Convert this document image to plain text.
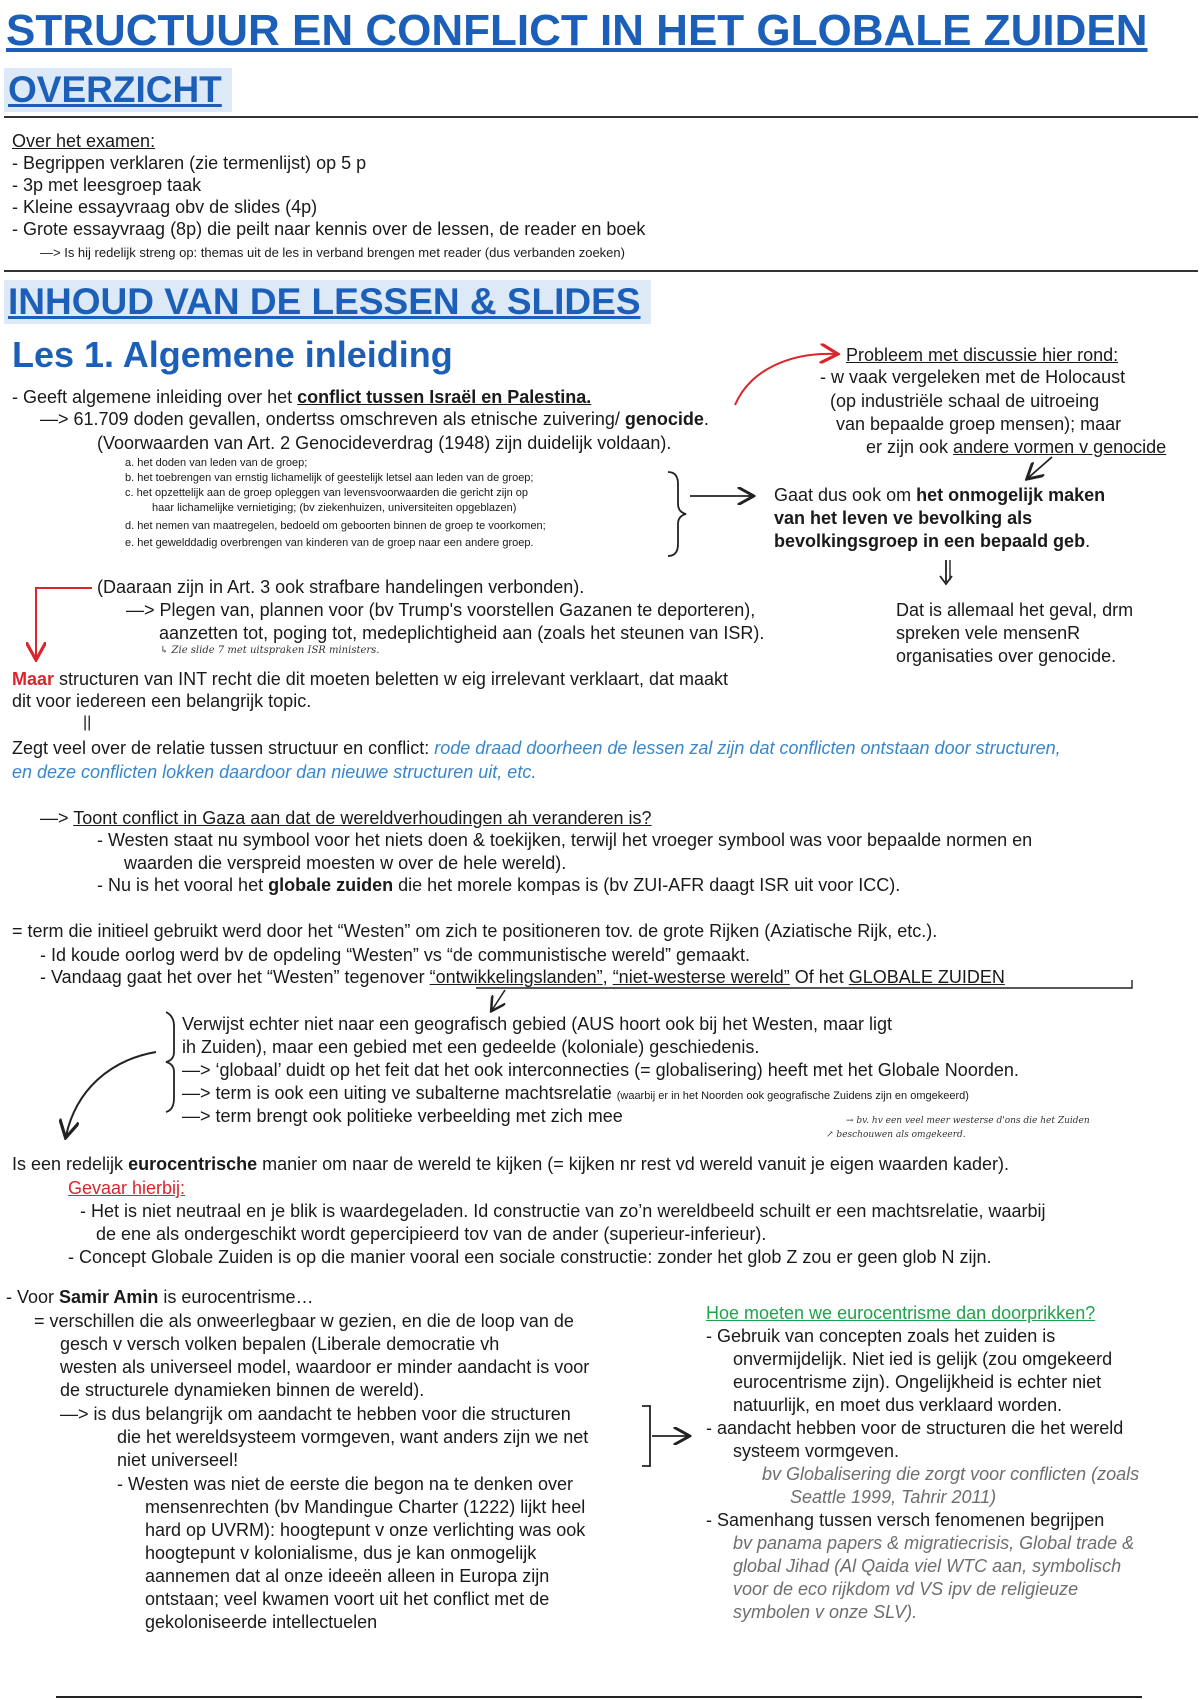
STRUCTUUR EN CONFLICT IN HET GLOBALE ZUIDEN
OVERZICHT
Over het examen:
- Begrippen verklaren (zie termenlijst) op 5 p
- 3p met leesgroep taak
- Kleine essayvraag obv de slides (4p)
- Grote essayvraag (8p) die peilt naar kennis over de lessen, de reader en boek
—> Is hij redelijk streng op: themas uit de les in verband brengen met reader (dus verbanden zoeken)
INHOUD VAN DE LESSEN & SLIDES
Les 1. Algemene inleiding
- Geeft algemene inleiding over het conflict tussen Israël en Palestina.
—> 61.709 doden gevallen, ondertss omschreven als etnische zuivering/ genocide.
(Voorwaarden van Art. 2 Genocideverdrag (1948) zijn duidelijk voldaan).
a. het doden van leden van de groep;
b. het toebrengen van ernstig lichamelijk of geestelijk letsel aan leden van de groep;
c. het opzettelijk aan de groep opleggen van levensvoorwaarden die gericht zijn op
haar lichamelijke vernietiging; (bv ziekenhuizen, universiteiten opgeblazen)
d. het nemen van maatregelen, bedoeld om geboorten binnen de groep te voorkomen;
e. het gewelddadig overbrengen van kinderen van de groep naar een andere groep.
Probleem met discussie hier rond:
- w vaak vergeleken met de Holocaust
(op industriële schaal de uitroeing
van bepaalde groep mensen); maar
er zijn ook andere vormen v genocide
Gaat dus ook om het onmogelijk maken
van het leven ve bevolking als
bevolkingsgroep in een bepaald geb.
Dat is allemaal het geval, drm
spreken vele mensenR
organisaties over genocide.
(Daaraan zijn in Art. 3 ook strafbare handelingen verbonden).
—> Plegen van, plannen voor (bv Trump's voorstellen Gazanen te deporteren),
aanzetten tot, poging tot, medeplichtigheid aan (zoals het steunen van ISR).
↳ Zie slide 7 met uitspraken ISR ministers.
Maar structuren van INT recht die dit moeten beletten w eig irrelevant verklaart, dat maakt
dit voor iedereen een belangrijk topic.
||
Zegt veel over de relatie tussen structuur en conflict: rode draad doorheen de lessen zal zijn dat conflicten ontstaan door structuren,
en deze conflicten lokken daardoor dan nieuwe structuren uit, etc.
—> Toont conflict in Gaza aan dat de wereldverhoudingen ah veranderen is?
- Westen staat nu symbool voor het niets doen & toekijken, terwijl het vroeger symbool was voor bepaalde normen en
waarden die verspreid moesten w over de hele wereld).
- Nu is het vooral het globale zuiden die het morele kompas is (bv ZUI-AFR daagt ISR uit voor ICC).
= term die initieel gebruikt werd door het “Westen” om zich te positioneren tov. de grote Rijken (Aziatische Rijk, etc.).
- Id koude oorlog werd bv de opdeling “Westen” vs “de communistische wereld” gemaakt.
- Vandaag gaat het over het “Westen” tegenover “ontwikkelingslanden”, “niet-westerse wereld” Of het GLOBALE ZUIDEN
Verwijst echter niet naar een geografisch gebied (AUS hoort ook bij het Westen, maar ligt
ih Zuiden), maar een gebied met een gedeelde (koloniale) geschiedenis.
—> ‘globaal’ duidt op het feit dat het ook interconnecties (= globalisering) heeft met het Globale Noorden.
—> term is ook een uiting ve subalterne machtsrelatie (waarbij er in het Noorden ook geografische Zuidens zijn en omgekeerd)
—> term brengt ook politieke verbeelding met zich mee	→ bv. hv een veel meer westerse d'ons die het Zuiden
↗ beschouwen als omgekeerd.
Is een redelijk eurocentrische manier om naar de wereld te kijken (= kijken nr rest vd wereld vanuit je eigen waarden kader).
Gevaar hierbij:
- Het is niet neutraal en je blik is waardegeladen. Id constructie van zo’n wereldbeeld schuilt er een machtsrelatie, waarbij
de ene als ondergeschikt wordt gepercipieerd tov van de ander (superieur-inferieur).
- Concept Globale Zuiden is op die manier vooral een sociale constructie: zonder het glob Z zou er geen glob N zijn.
- Voor Samir Amin is eurocentrisme…
= verschillen die als onweerlegbaar w gezien, en die de loop van de
gesch v versch volken bepalen (Liberale democratie vh
westen als universeel model, waardoor er minder aandacht is voor
de structurele dynamieken binnen de wereld).
—> is dus belangrijk om aandacht te hebben voor die structuren
die het wereldsysteem vormgeven, want anders zijn we net
niet universeel!
- Westen was niet de eerste die begon na te denken over
mensenrechten (bv Mandingue Charter (1222) lijkt heel
hard op UVRM): hoogtepunt v onze verlichting was ook
hoogtepunt v kolonialisme, dus je kan onmogelijk
aannemen dat al onze ideeën alleen in Europa zijn
ontstaan; veel kwamen voort uit het conflict met de
gekoloniseerde intellectuelen
Hoe moeten we eurocentrisme dan doorprikken?
- Gebruik van concepten zoals het zuiden is
onvermijdelijk. Niet ied is gelijk (zou omgekeerd
eurocentrisme zijn). Ongelijkheid is echter niet
natuurlijk, en moet dus verklaard worden.
- aandacht hebben voor de structuren die het wereld
systeem vormgeven.
bv Globalisering die zorgt voor conflicten (zoals
Seattle 1999, Tahrir 2011)
- Samenhang tussen versch fenomenen begrijpen
bv panama papers & migratiecrisis, Global trade &
global Jihad (Al Qaida viel WTC aan, symbolisch
voor de eco rijkdom vd VS ipv de religieuze
symbolen v onze SLV).
